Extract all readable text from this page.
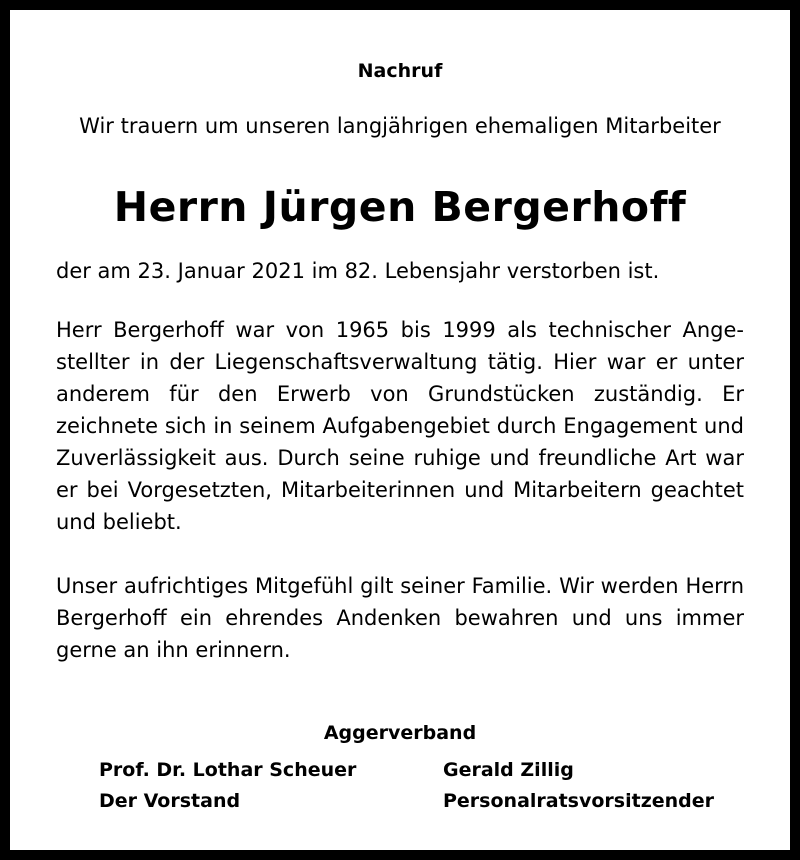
Nachruf
Wir trauern um unseren langjährigen ehemaligen Mitarbeiter
Herrn Jürgen Bergerhoff
der am 23. Januar 2021 im 82. Lebensjahr verstorben ist.
Herr Bergerhoff war von 1965 bis 1999 als technischer Angestellter in der Liegenschaftsverwaltung tätig. Hier war er unter anderem für den Erwerb von Grundstücken zuständig. Er zeichnete sich in seinem Aufgabengebiet durch Engagement und Zuverlässigkeit aus. Durch seine ruhige und freundliche Art war er bei Vorgesetzten, Mitarbeiterinnen und Mitarbeitern geachtet und beliebt.
Unser aufrichtiges Mitgefühl gilt seiner Familie. Wir werden Herrn Bergerhoff ein ehrendes Andenken bewahren und uns immer gerne an ihn erinnern.
Aggerverband
Prof. Dr. Lothar Scheuer
Der Vorstand
Gerald Zillig
Personalratsvorsitzender
